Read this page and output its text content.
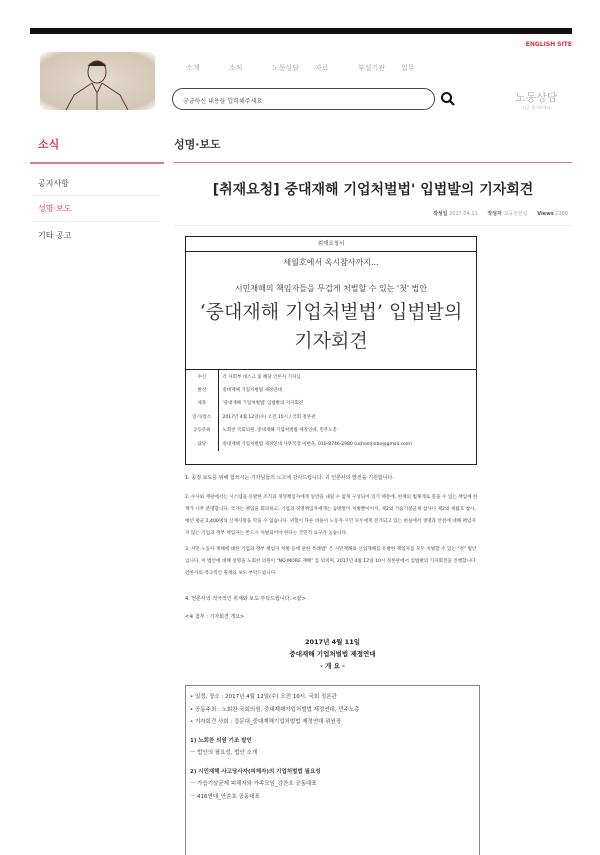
ENGLISH SITE
소개	소식	노동상담	자료	부설기관	업무
궁금하신 내용을 입력해주세요	노동상담
지금 물어보세요
소식
공지사항
성명·보도
기타 공고
성명·보도
[취재요청] 중대재해 기업처벌법' 입법발의 기자회견
작성일 2017.04.11 작성자 교육선전팀 Views 2380
취재요청서
세월호에서 옥시참사까지...
시민재해의 책임자들을 무겁게 처벌할 수 있는 '첫' 법안
‘중대재해 기업처벌법’ 입법발의
기자회견
수신	각 사회부 데스크 및 해당 언론사 기자님
발신	중대재해 기업처벌법 제정연대
제목	'중대재해 기업처벌법' 입법발의 기자회견
일시/장소	2017년 4월 12일(수) 오전 10시 / 국회 정론관
공동주최	노회찬 국회의원, 중대재해 기업처벌법 제정연대, 민주노총
담당	중대재해 기업처벌법 제정연대 사무국장 이현욱, 010-8746-2980 (ushamjinbo@gmail.com)
1. 공정 보도를 위해 힘쓰시는 기자님들의 노고에 감사드립니다. 귀 언론사의 발전을 기원합니다.
2. 수사와 재판에서는 시스템을 유발한 조직과 경영책임자에게 일반을 내릴 수 없게 구성되어 있기 때문에, 현재의 법체계로 묻을 수 있는 책임에 한계가 너무 분명합니다. 국가는 책임을 회피하고, 기업과 경영책임자에게는 솜방망이 처벌뿐이어서, 제2의 가습기살균제 참사나 제2의 세월호 참사, 매년 평균 2,400명의 산재사망을 막을 수 없습니다. 위험이 다른 비용이 노동자·시민 모두에게 전가되고 있는 현실에서 생명과 안전에 대해 책임지지 않는 기업과 정부 책임자는 반드시 처벌되어야 한다는 국민적 요구가 높습니다.
3. 시민·노동자 재해에 대한 기업과 정부 책임자 처벌 등에 관한 특례법" 은 시민재해와 산업재해를 유발한 책임자를 모두 처벌할 수 있는 "첫" 법안입니다. 이 법안에 대해 설명을 노회찬 의원이 "NO MORE 재해" 를 외치며, 2017년 4월 12일 10시 정론관에서 입법발의 기자회견을 진행합니다. 언론사의 적극적인 취재와 보도 부탁드립니다.
4. 언론사의 적극적인 취재와 보도 부탁드립니다. <끝>
<※ 첨부 : 기자회견 개요>
2017년 4월 11일
중대재해 기업처벌법 제정연대
- 개 요 -
• 일정, 장소 : 2017년 4월 12일(수) 오전 10시, 국회 정론관
• 공동주최 : 노회찬 국회의원, 중대재해기업처벌법 제정연대, 민주노총
• 기자회견 사회 : 강문대_중대재해기업처벌법 제정연대 위원장
1) 노회찬 의원 기조 발언
ㅡ 법안의 필요성, 법안 소개
2) 시민재해 사고당사자(피해자)의 기업처벌법 필요성
ㅡ 가습기살균제 피해자와 가족모임_강찬호 공동대표
ㅡ 416연대_안순호 공동대표
